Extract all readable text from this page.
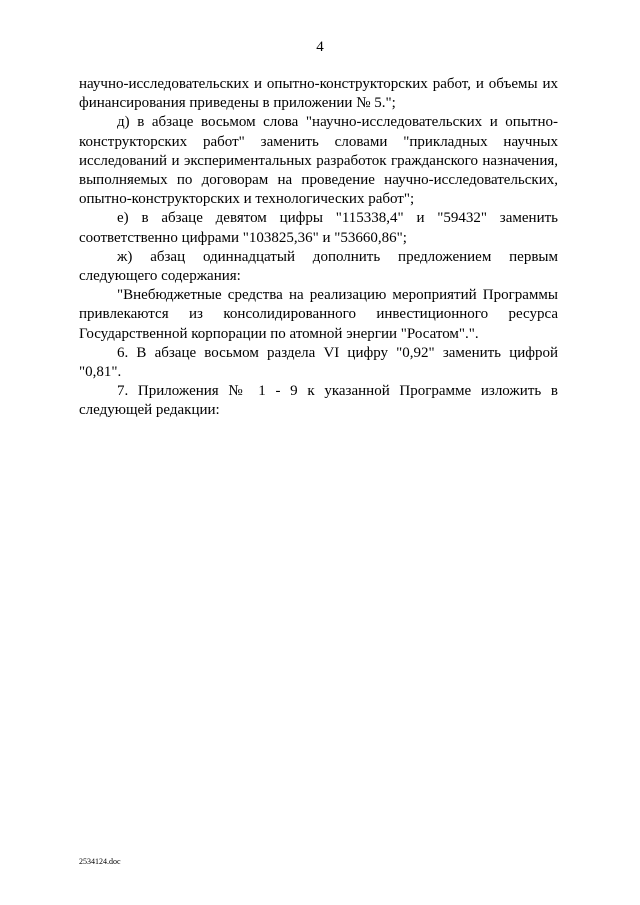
4

научно-исследовательских и опытно-конструкторских работ, и объемы их финансирования приведены в приложении № 5.";

д) в абзаце восьмом слова "научно-исследовательских и опытно-конструкторских работ" заменить словами "прикладных научных исследований и экспериментальных разработок гражданского назначения, выполняемых по договорам на проведение научно-исследовательских, опытно-конструкторских и технологических работ";

е) в абзаце девятом цифры "115338,4" и "59432" заменить соответственно цифрами "103825,36" и "53660,86";

ж) абзац одиннадцатый дополнить предложением первым следующего содержания:

"Внебюджетные средства на реализацию мероприятий Программы привлекаются из консолидированного инвестиционного ресурса Государственной корпорации по атомной энергии "Росатом".".

6. В абзаце восьмом раздела VI цифру "0,92" заменить цифрой "0,81".

7. Приложения № 1 - 9 к указанной Программе изложить в следующей редакции:

2534124.doc
